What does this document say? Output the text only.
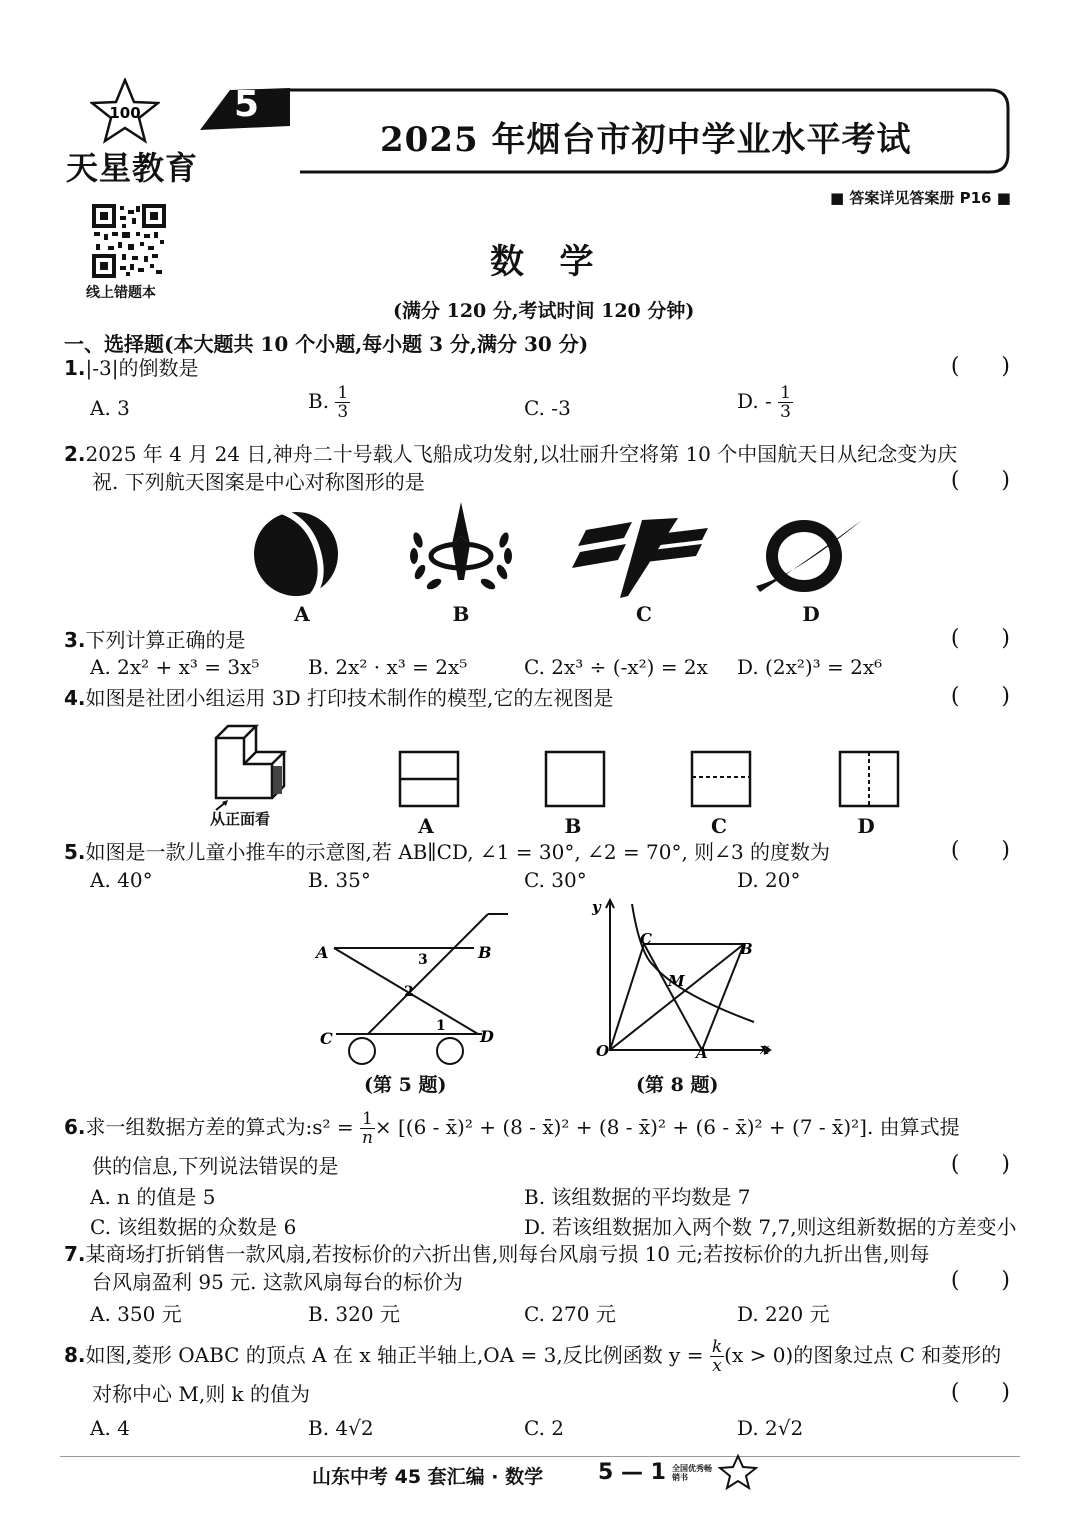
100
天星教育
5
2025 年烟台市初中学业水平考试
■ 答案详见答案册 P16 ■
线上错题本
数   学
(满分 120 分,考试时间 120 分钟)
一、选择题(本大题共 10 个小题,每小题 3 分,满分 30 分)
1.|-3|的倒数是	(      )
A. 3	B. $\frac{1}{3}$	C. -3	D. - $\frac{1}{3}$
2.2025 年 4 月 24 日,神舟二十号载人飞船成功发射,以壮丽升空将第 10 个中国航天日从纪念变为庆
祝. 下列航天图案是中心对称图形的是	(      )
A	B	C	D
3.下列计算正确的是	(      )
A. 2x² + x³ = 3x⁵ B. 2x² · x³ = 2x⁵	C. 2x³ ÷ (-x²) = 2x D. (2x²)³ = 2x⁶
4.如图是社团小组运用 3D 打印技术制作的模型,它的左视图是	(      )
从正面看	A	B	C	D
5.如图是一款儿童小推车的示意图,若 AB∥CD, ∠1 = 30°, ∠2 = 70°, 则∠3 的度数为	(      )
A. 40°	B. 35°	C. 30°	D. 20°
A	B
C	D
1
2
3
(第 5 题)
y
x
O	A
B
C
M
(第 8 题)
6.求一组数据方差的算式为:s² = $\frac{1}{n} \times [(6$ - x̄)² + (8 - x̄)² + (8 - x̄)² + (6 - x̄)² + (7 - x̄)²]. 由算式提
供的信息,下列说法错误的是	(      )
A. n 的值是 5	B. 该组数据的平均数是 7
C. 该组数据的众数是 6	D. 若该组数据加入两个数 7,7,则这组新数据的方差变小
7.某商场打折销售一款风扇,若按标价的六折出售,则每台风扇亏损 10 元;若按标价的九折出售,则每
台风扇盈利 95 元. 这款风扇每台的标价为	(      )
A. 350 元	B. 320 元	C. 270 元	D. 220 元
8.如图,菱形 OABC 的顶点 A 在 x 轴正半轴上,OA = 3,反比例函数 $y = \frac{k}{x} (x > 0)$的图象过点 C 和菱形的
对称中心 M,则 k 的值为	(      )
A. 4	B. 4√2	C. 2	D. 2√2
山东中考 45 套汇编 · 数学 5 — 1 全国优秀畅销书
